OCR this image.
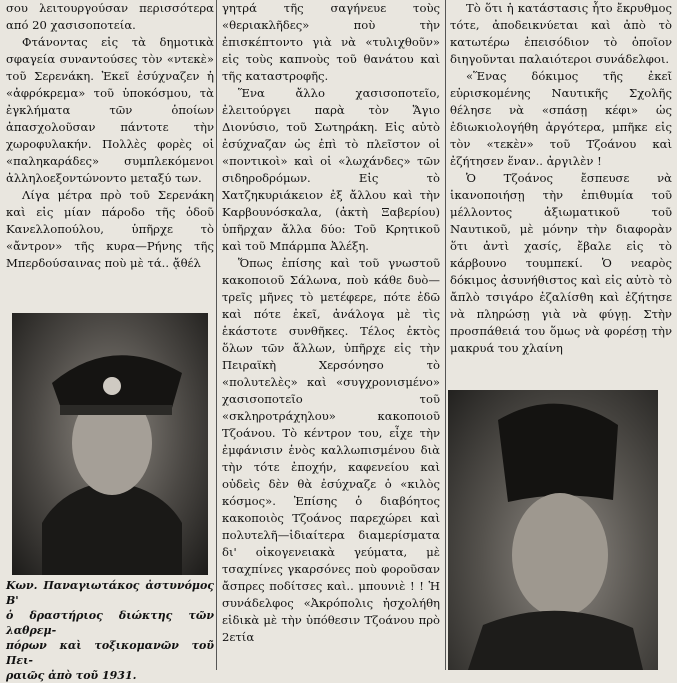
σου λειτουργούσαν περισσότερα από 20 χασισοποτεία.

Φτάνοντας εἰς τὰ δημοτικὰ σφαγεία συναντούσες τὸν «ντεκὲ» τοῦ Σερενάκη. Ἐκεῖ ἐσύχναζεν ἡ «ἀφρόκρεμα» τοῦ ὑποκόσμου, τὰ ἐγκλήματα τῶν ὁποίων ἀπασχολοῦσαν πάντοτε τὴν χωροφυλακήν. Πολλὲς φορὲς οἱ «παληκαράδες» συμπλεκόμενοι ἀλληλοεξοντώνοντο μεταξύ των.

Λίγα μέτρα πρὸ τοῦ Σερενάκη καὶ εἰς μίαν πάροδο τῆς ὁδοῦ Κανελλοπούλου, ὑπῆρχε τὸ «ἄντρον» τῆς κυρα—Ρήνης τῆς Μπερδούσαινας ποὺ μὲ τά.. ᾄθέλ

Κων. Παναγιωτάκος ἀστυνόμος Β'
ὁ δραστήριος διώκτης τῶν λαθρεμ-
πόρων καὶ τοξικομανῶν τοῦ Πει-
ραιῶς ἀπὸ τοῦ 1931.

γητρά τῆς σαγήνευε τοὺς «θεριακλῆδες» ποὺ τὴν ἐπισκέπτοντο γιὰ νὰ «τυλιχθοῦν» εἰς τοὺς καπνοὺς τοῦ θανάτου καὶ τῆς καταστροφῆς.

Ἕνα ἄλλο χασισοποτεῖο, ἐλειτούργει παρὰ τὸν Ἅγιο Διονύσιο, τοῦ Σωτηράκη. Εἰς αὐτὸ ἐσύχναζαν ὡς ἐπὶ τὸ πλεῖστον οἱ «ποντικοὶ» καὶ οἱ «λωχάνδες» τῶν σιδηροδρόμων. Εἰς τὸ Χατζηκυριάκειον ἐξ ἄλλου καὶ τὴν Καρβουνόσκαλα, (ἀκτὴ Ξαβερίου) ὑπῆρχαν ἄλλα δύο: Τοῦ Κρητικοῦ καὶ τοῦ Μπάρμπα Ἀλέξη.

Ὅπως ἐπίσης καὶ τοῦ γνωστοῦ κακοποιοῦ Σάλωνα, ποὺ κάθε δυὸ—τρεῖς μῆνες τὸ μετέφερε, πότε ἐδῶ καὶ πότε ἐκεῖ, ἀνάλογα μὲ τὶς ἑκάστοτε συνθῆκες. Τέλος ἐκτὸς ὅλων τῶν ἄλλων, ὑπῆρχε εἰς τὴν Πειραϊκὴ Χερσόνησο τὸ «πολυτελὲς» καὶ «συγχρονισμένο» χασισοποτεῖο τοῦ «σκληροτράχηλου» κακοποιοῦ Τζοάνου. Τὸ κέντρον του, εἶχε τὴν ἐμφάνισιν ἑνὸς καλλωπισμένου διὰ τὴν τότε ἐποχήν, καφενείου καὶ οὐδεὶς δὲν θὰ ἐσύχναζε ὁ «κιλὸς κόσμος». Ἐπίσης ὁ διαβόητος κακοποιὸς Τζοάνος παρεχώρει καὶ πολυτελῆ—ἰδιαίτερα διαμερίσματα δι' οἰκογενειακὰ γεύματα, μὲ τσαχπίνες γκαρσόνες ποὺ φοροῦσαν ἄσπρες ποδίτσες καὶ.. μπουνιὲ ! ! Ἡ συνάδελφος «Ἀκρόπολις ἠσχολήθη εἰδικὰ μὲ τὴν ὑπόθεσιν Τζοάνου πρὸ 2ετία

Τὸ ὅτι ἡ κατάστασις ἦτο ἔκρυθμος τότε, ἀποδεικνύεται καὶ ἀπὸ τὸ κατωτέρω ἐπεισόδιον τὸ ὁποῖον διηγοῦνται παλαιότεροι συνάδελφοι.

«Ἕνας δόκιμος τῆς ἐκεῖ εὑρισκομένης Ναυτικῆς Σχολῆς θέλησε νὰ «σπάσῃ κέφι» ὡς ἐδιωκιολογήθη ἀργότερα, μπῆκε εἰς τὸν «τεκὲν» τοῦ Τζοάνου καὶ ἐζήτησεν ἕναν.. ἀργιλὲν !

Ὁ Τζοάνος ἔσπευσε νὰ ἱκανοποιήσῃ τὴν ἐπιθυμία τοῦ μέλλοντος ἀξιωματικοῦ τοῦ Ναυτικοῦ, μὲ μόνην τὴν διαφορὰν ὅτι ἀντὶ χασίς, ἔβαλε εἰς τὸ κάρβουνο τουμπεκί. Ὁ νεαρὸς δόκιμος ἀσυνήθιστος καὶ εἰς αὐτὸ τὸ ἄπλὸ τσιγάρο ἐζαλίσθη καὶ ἐζήτησε νὰ πληρώσῃ γιὰ νὰ φύγῃ. Στὴν προσπάθειά του ὅμως νὰ φορέσῃ τὴν μακρυά του χλαίνη
